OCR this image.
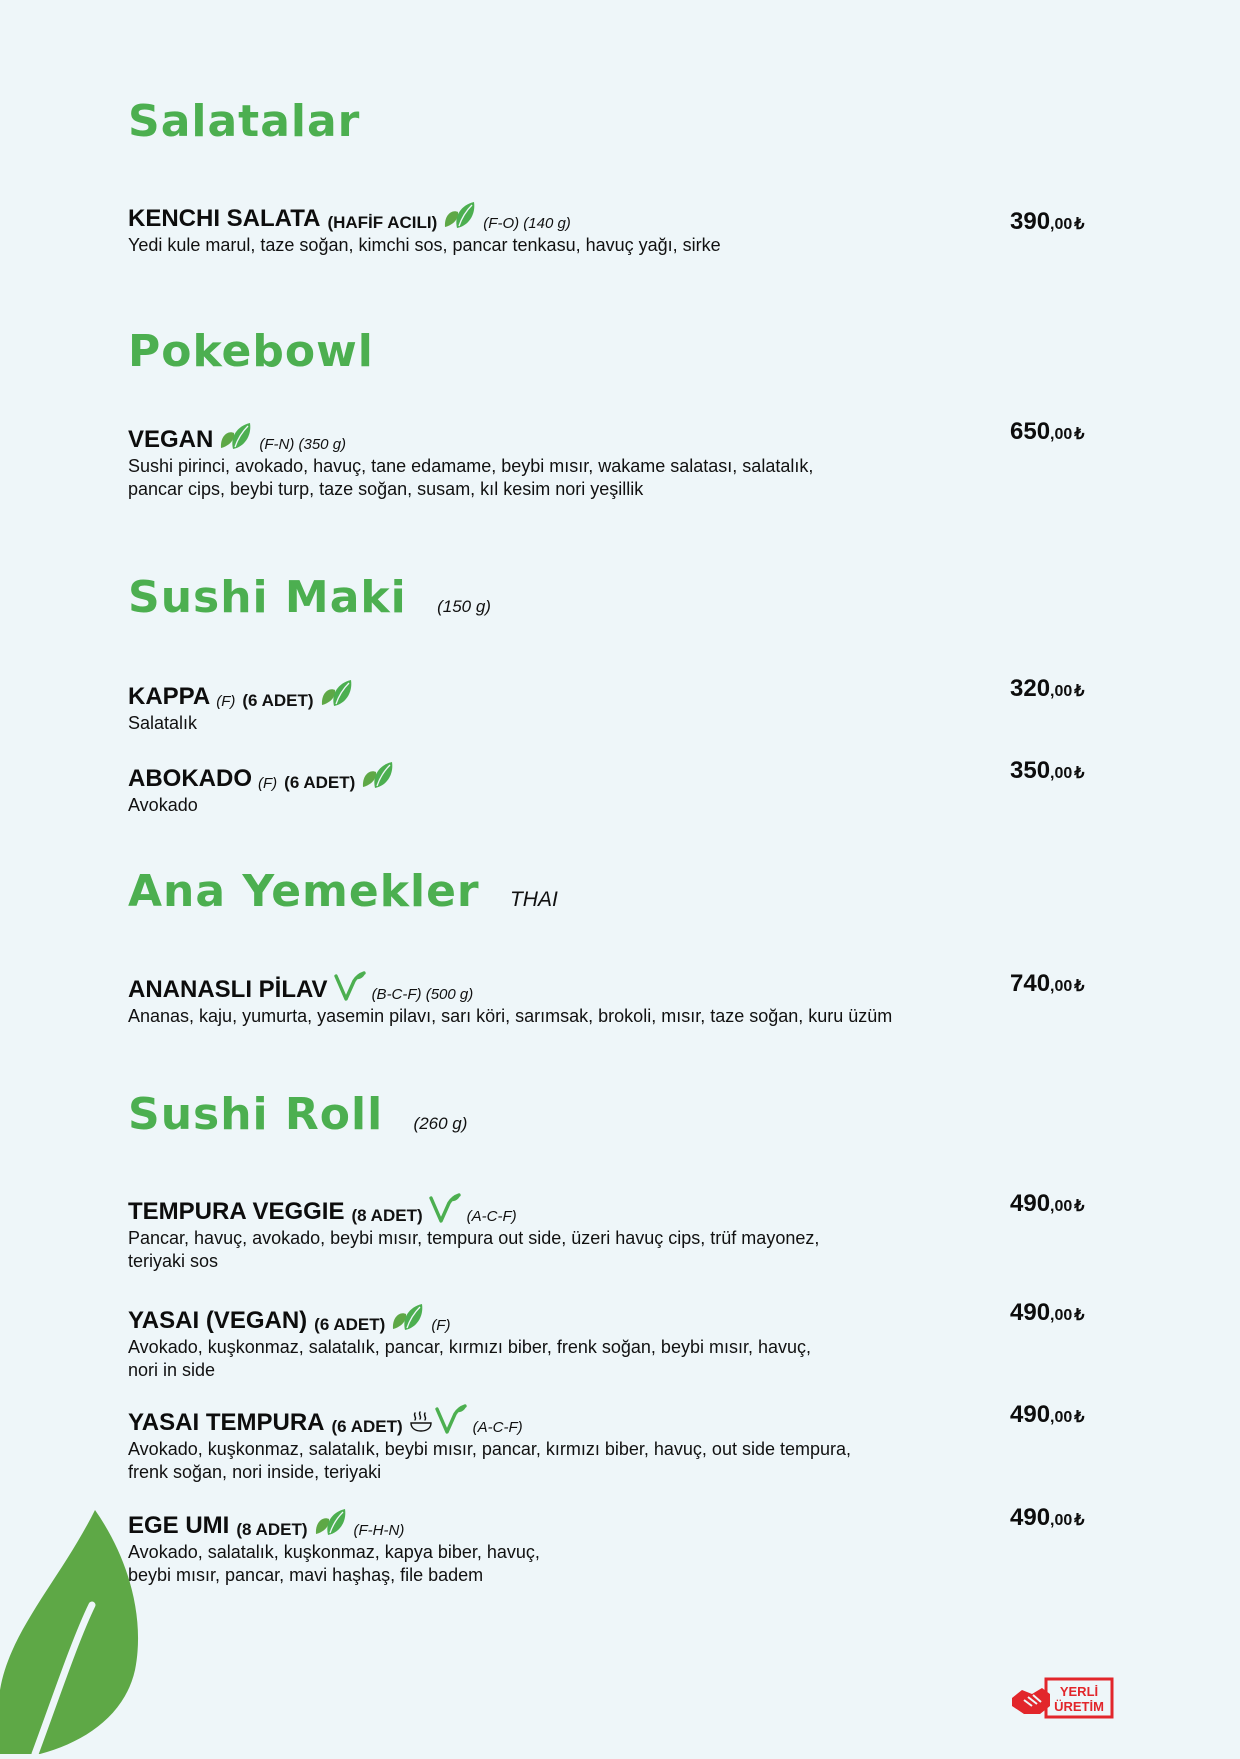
Salatalar
KENCHI SALATA (HAFİF ACILI)	(F-O) (140 g)
Yedi kule marul, taze soğan, kimchi sos, pancar tenkasu, havuç yağı, sirke
390,00 ₺
Pokebowl
VEGAN	(F-N) (350 g)
Sushi pirinci, avokado, havuç, tane edamame, beybi mısır, wakame salatası, salatalık,
pancar cips, beybi turp, taze soğan, susam, kıl kesim nori yeşillik
650,00 ₺
Sushi Maki (150 g)
KAPPA (F) (6 ADET)
Salatalık
320,00 ₺
ABOKADO (F) (6 ADET)
Avokado
350,00 ₺
Ana Yemekler THAI
ANANASLI PİLAV	(B-C-F) (500 g)
Ananas, kaju, yumurta, yasemin pilavı, sarı köri, sarımsak, brokoli, mısır, taze soğan, kuru üzüm
740,00 ₺
Sushi Roll (260 g)
TEMPURA VEGGIE (8 ADET)	(A-C-F)
Pancar, havuç, avokado, beybi mısır, tempura out side, üzeri havuç cips, trüf mayonez,
teriyaki sos
490,00 ₺
YASAI (VEGAN) (6 ADET)	(F)
Avokado, kuşkonmaz, salatalık, pancar, kırmızı biber, frenk soğan, beybi mısır, havuç,
nori in side
490,00 ₺
YASAI TEMPURA (6 ADET)	(A-C-F)
Avokado, kuşkonmaz, salatalık, beybi mısır, pancar, kırmızı biber, havuç, out side tempura,
frenk soğan, nori inside, teriyaki
490,00 ₺
EGE UMI (8 ADET)	(F-H-N)
Avokado, salatalık, kuşkonmaz, kapya biber, havuç,
beybi mısır, pancar, mavi haşhaş, file badem
490,00 ₺
YERLİ
ÜRETİM
